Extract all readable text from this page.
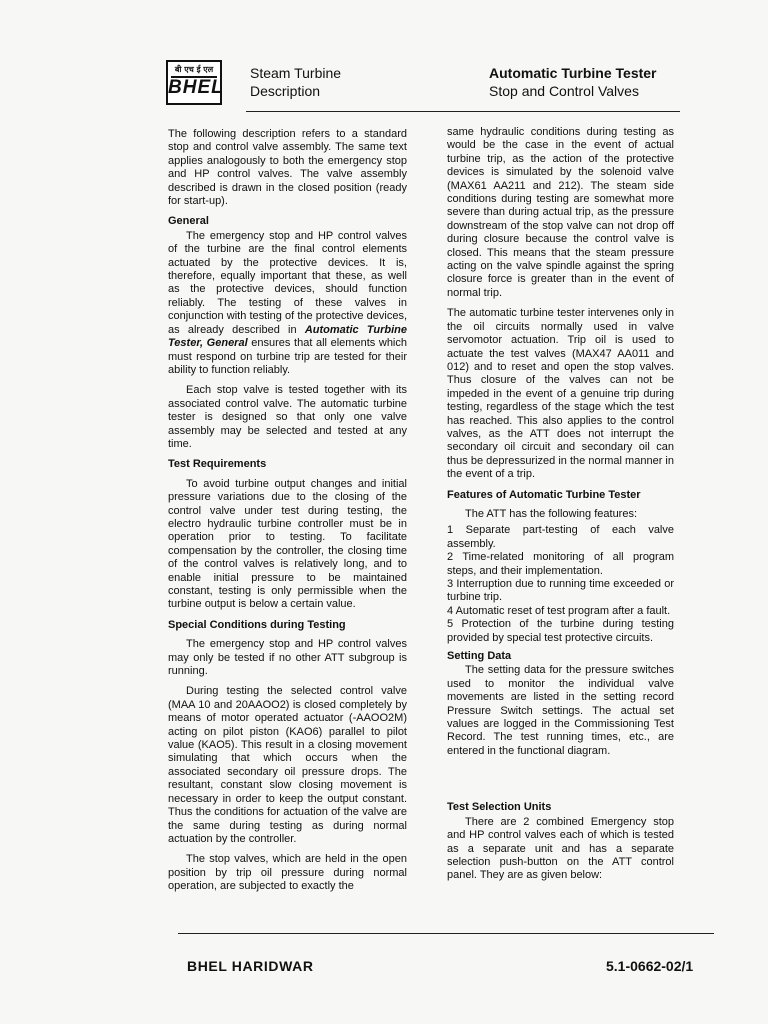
बी एच ई एल
BHEL
Steam Turbine
Description
Automatic Turbine Tester
Stop and Control Valves

The following description refers to a standard stop and control valve assembly. The same text applies analogously to both the emergency stop and HP control valves. The valve assembly described is drawn in the closed position (ready for start-up).

General

The emergency stop and HP control valves of the turbine are the final control elements actuated by the protective devices. It is, therefore, equally important that these, as well as the protective devices, should function reliably. The testing of these valves in conjunction with testing of the protective devices, as already described in Automatic Turbine Tester, General ensures that all elements which must respond on turbine trip are tested for their ability to function reliably.

Each stop valve is tested together with its associated control valve. The automatic turbine tester is designed so that only one valve assembly may be selected and tested at any time.

Test Requirements

To avoid turbine output changes and initial pressure variations due to the closing of the control valve under test during testing, the electro hydraulic turbine controller must be in operation prior to testing. To facilitate compensation by the controller, the closing time of the control valves is relatively long, and to enable initial pressure to be maintained constant, testing is only permissible when the turbine output is below a certain value.

Special Conditions during Testing

The emergency stop and HP control valves may only be tested if no other ATT subgroup is running.

During testing the selected control valve (MAA 10 and 20AAOO2) is closed completely by means of motor operated actuator (-AAOO2M) acting on pilot piston (KAO6) parallel to pilot value (KAO5). This result in a closing movement simulating that which occurs when the associated secondary oil pressure drops. The resultant, constant slow closing movement is necessary in order to keep the output constant. Thus the conditions for actuation of the valve are the same during testing as during normal actuation by the controller.

The stop valves, which are held in the open position by trip oil pressure during normal operation, are subjected to exactly the

same hydraulic conditions during testing as would be the case in the event of actual turbine trip, as the action of the protective devices is simulated by the solenoid valve (MAX61 AA211 and 212). The steam side conditions during testing are somewhat more severe than during actual trip, as the pressure downstream of the stop valve can not drop off during closure because the control valve is closed. This means that the steam pressure acting on the valve spindle against the spring closure force is greater than in the event of normal trip.

The automatic turbine tester intervenes only in the oil circuits normally used in valve servomotor actuation. Trip oil is used to actuate the test valves (MAX47 AA011 and 012) and to reset and open the stop valves. Thus closure of the valves can not be impeded in the event of a genuine trip during testing, regardless of the stage which the test has reached. This also applies to the control valves, as the ATT does not interrupt the secondary oil circuit and secondary oil can thus be depressurized in the normal manner in the event of a trip.

Features of Automatic Turbine Tester

The ATT has the following features:

1 Separate part-testing of each valve assembly.

2 Time-related monitoring of all program steps, and their implementation.

3 Interruption due to running time exceeded or turbine trip.

4 Automatic reset of test program after a fault.

5 Protection of the turbine during testing provided by special test protective circuits.

Setting Data

The setting data for the pressure switches used to monitor the individual valve movements are listed in the setting record Pressure Switch settings. The actual set values are logged in the Commissioning Test Record. The test running times, etc., are entered in the functional diagram.

Test Selection Units

There are 2 combined Emergency stop and HP control valves each of which is tested as a separate unit and has a separate selection push-button on the ATT control panel. They are as given below:

BHEL HARIDWAR	5.1-0662-02/1
